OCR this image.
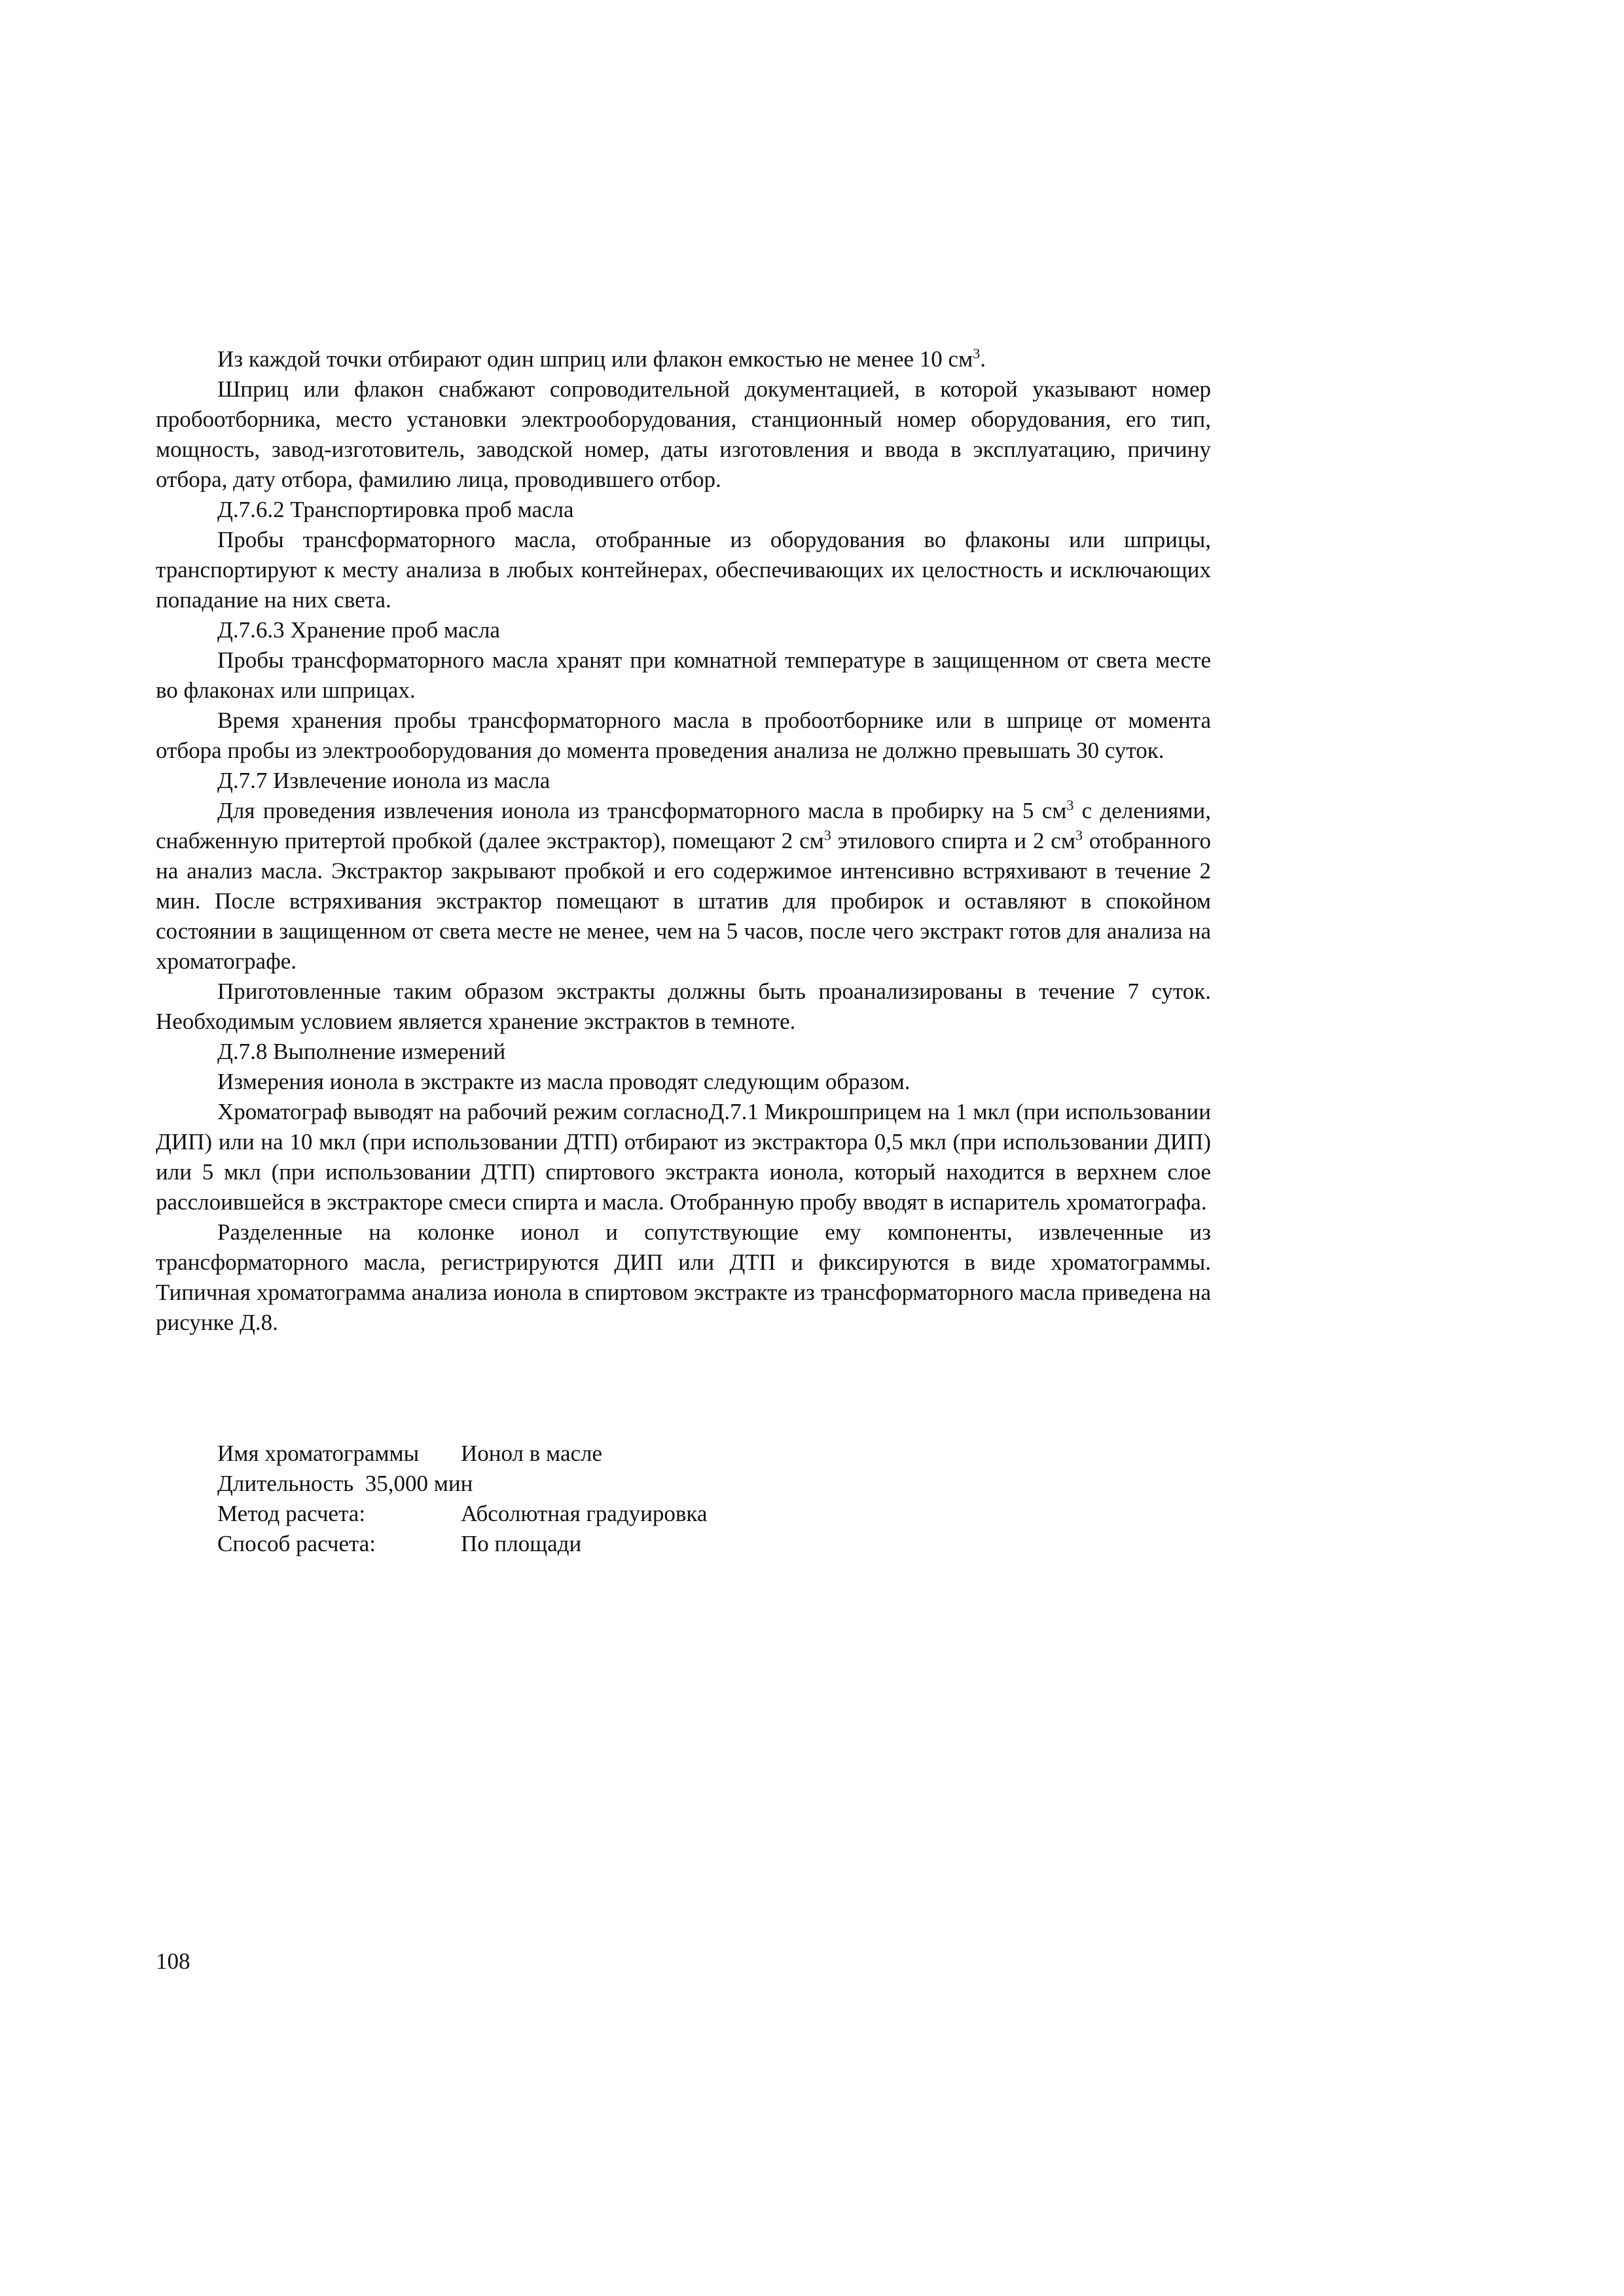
Из каждой точки отбирают один шприц или флакон емкостью не менее 10 $см^3$.

Шприц или флакон снабжают сопроводительной документацией, в которой указывают номер пробоотборника, место установки электрооборудования, станционный номер оборудования, его тип, мощность, завод-изготовитель, заводской номер, даты изготовления и ввода в эксплуатацию, причину отбора, дату отбора, фамилию лица, проводившего отбор.

Д.7.6.2 Транспортировка проб масла

Пробы трансформаторного масла, отобранные из оборудования во флаконы или шприцы, транспортируют к месту анализа в любых контейнерах, обеспечивающих их целостность и исключающих попадание на них света.

Д.7.6.3 Хранение проб масла

Пробы трансформаторного масла хранят при комнатной температуре в защищенном от света месте во флаконах или шприцах.

Время хранения пробы трансформаторного масла в пробоотборнике или в шприце от момента отбора пробы из электрооборудования до момента проведения анализа не должно превышать 30 суток.

Д.7.7 Извлечение ионола из масла

Для проведения извлечения ионола из трансформаторного масла в пробирку на 5 $см^3$ с делениями, снабженную притертой пробкой (далее экстрактор), помещают 2 $см^3$ этилового спирта и 2 $см^3$ отобранного на анализ масла. Экстрактор закрывают пробкой и его содержимое интенсивно встряхивают в течение 2 мин. После встряхивания экстрактор помещают в штатив для пробирок и оставляют в спокойном состоянии в защищенном от света месте не менее, чем на 5 часов, после чего экстракт готов для анализа на хроматографе.

Приготовленные таким образом экстракты должны быть проанализированы в течение 7 суток. Необходимым условием является хранение экстрактов в темноте.

Д.7.8 Выполнение измерений

Измерения ионола в экстракте из масла проводят следующим образом.

Хроматограф выводят на рабочий режим согласноД.7.1 Микрошприцем на 1 мкл (при использовании ДИП) или на 10 мкл (при использовании ДТП) отбирают из экстрактора 0,5 мкл (при использовании ДИП) или 5 мкл (при использовании ДТП) спиртового экстракта ионола, который находится в верхнем слое расслоившейся в экстракторе смеси спирта и масла. Отобранную пробу вводят в испаритель хроматографа.

Разделенные на колонке ионол и сопутствующие ему компоненты, извлеченные из трансформаторного масла, регистрируются ДИП или ДТП и фиксируются в виде хроматограммы. Типичная хроматограмма анализа ионола в спиртовом экстракте из трансформаторного масла приведена на рисунке Д.8.

Имя хроматограммы	Ионол в масле
Длительность 35,000 мин	
Метод расчета:	Абсолютная градуировка
Способ расчета:	По площади
108
